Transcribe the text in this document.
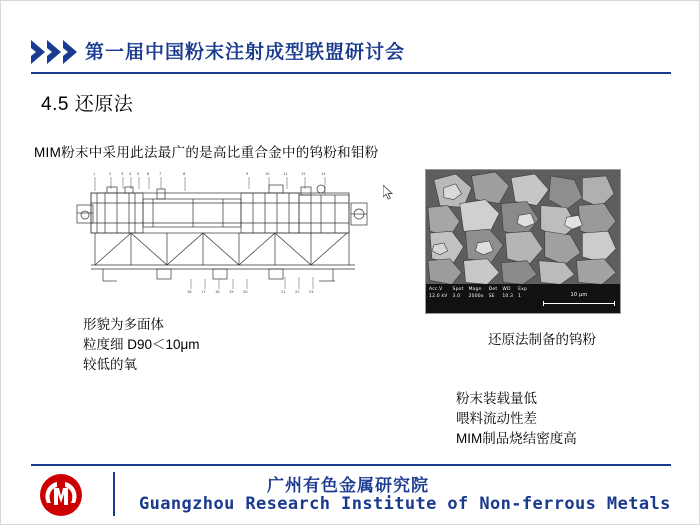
第一届中国粉末注射成型联盟研讨会
4.5 还原法
MIM粉末中采用此法最广的是高比重合金中的钨粉和钼粉
1	2	3 4 5 6	7	8	9	10	11	12	13
16	17	18	19	20	21	22	23	Acc.V
12.0 kV
Spot
3.0
Magn
2000x
Det
SE
WD
10.3
Exp
1	10 μm
形貌为多面体
粒度细 D90＜10μm
较低的氧
还原法制备的钨粉
粉末装载量低
喂料流动性差
MIM制品烧结密度高
广州有色金属研究院
Guangzhou Research Institute of Non-ferrous Metals
